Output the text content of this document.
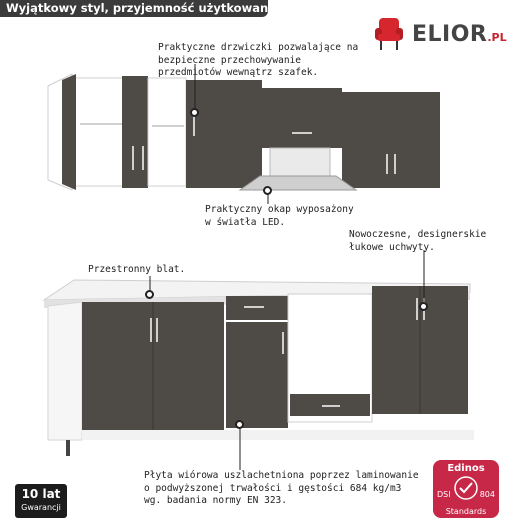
Wyjątkowy styl, przyjemność użytkowania!
ELIOR.PL
Praktyczne drzwiczki pozwalające na
bezpieczne przechowywanie
przedmiotów wewnątrz szafek.
Praktyczny okap wyposażony
w światła LED.
Nowoczesne, designerskie
łukowe uchwyty.
Przestronny blat.
Płyta wiórowa uszlachetniona poprzez laminowanie
o podwyższonej trwałości i gęstości 684 kg/m3
wg. badania normy EN 323.
10 lat
Gwarancji
Edinos
DSI	804
Standards
